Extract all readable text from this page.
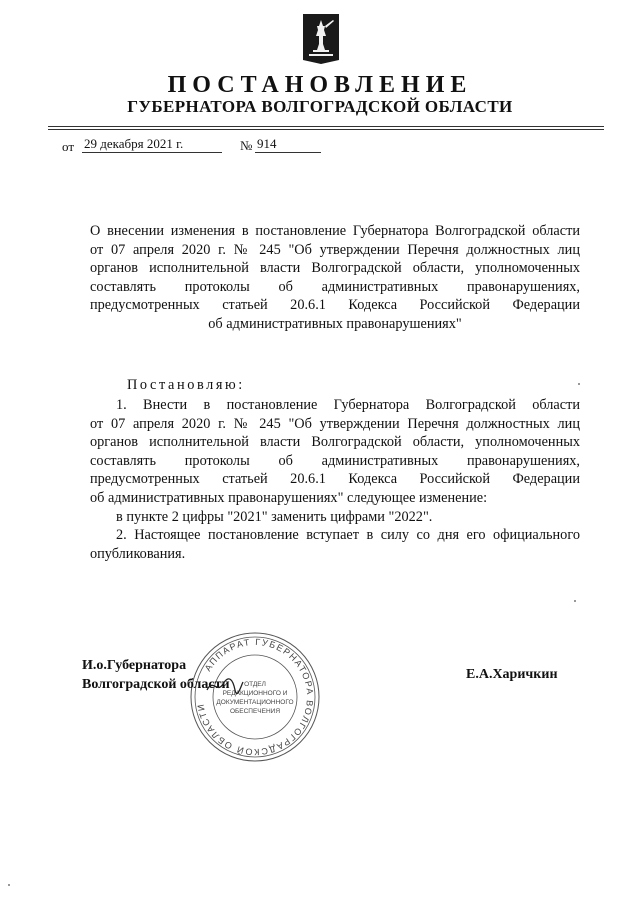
ПОСТАНОВЛЕНИЕ
ГУБЕРНАТОРА ВОЛГОГРАДСКОЙ ОБЛАСТИ
от 29 декабря 2021 г.	№ 914
О внесении изменения в постановление Губернатора Волгоградской области
от 07 апреля 2020 г. № 245 "Об утверждении Перечня должностных лиц
органов исполнительной власти Волгоградской области, уполномоченных
составлять протоколы об административных правонарушениях,
предусмотренных статьей 20.6.1 Кодекса Российской Федерации
об административных правонарушениях"
Постановляю:
1. Внести в постановление Губернатора Волгоградской области
от 07 апреля 2020 г. № 245 "Об утверждении Перечня должностных лиц
органов исполнительной власти Волгоградской области, уполномоченных
составлять протоколы об административных правонарушениях,
предусмотренных статьей 20.6.1 Кодекса Российской Федерации
об административных правонарушениях" следующее изменение:
в пункте 2 цифры "2021" заменить цифрами "2022".
2. Настоящее постановление вступает в силу со дня его официального
опубликования.
АППАРАТ ГУБЕРНАТОРА ВОЛГОГРАДСКОЙ ОБЛАСТИ
ОТДЕЛ
РЕДАКЦИОННОГО И
ДОКУМЕНТАЦИОННОГО
ОБЕСПЕЧЕНИЯ
И.о.Губернатора
Волгоградской области
Е.А.Харичкин
